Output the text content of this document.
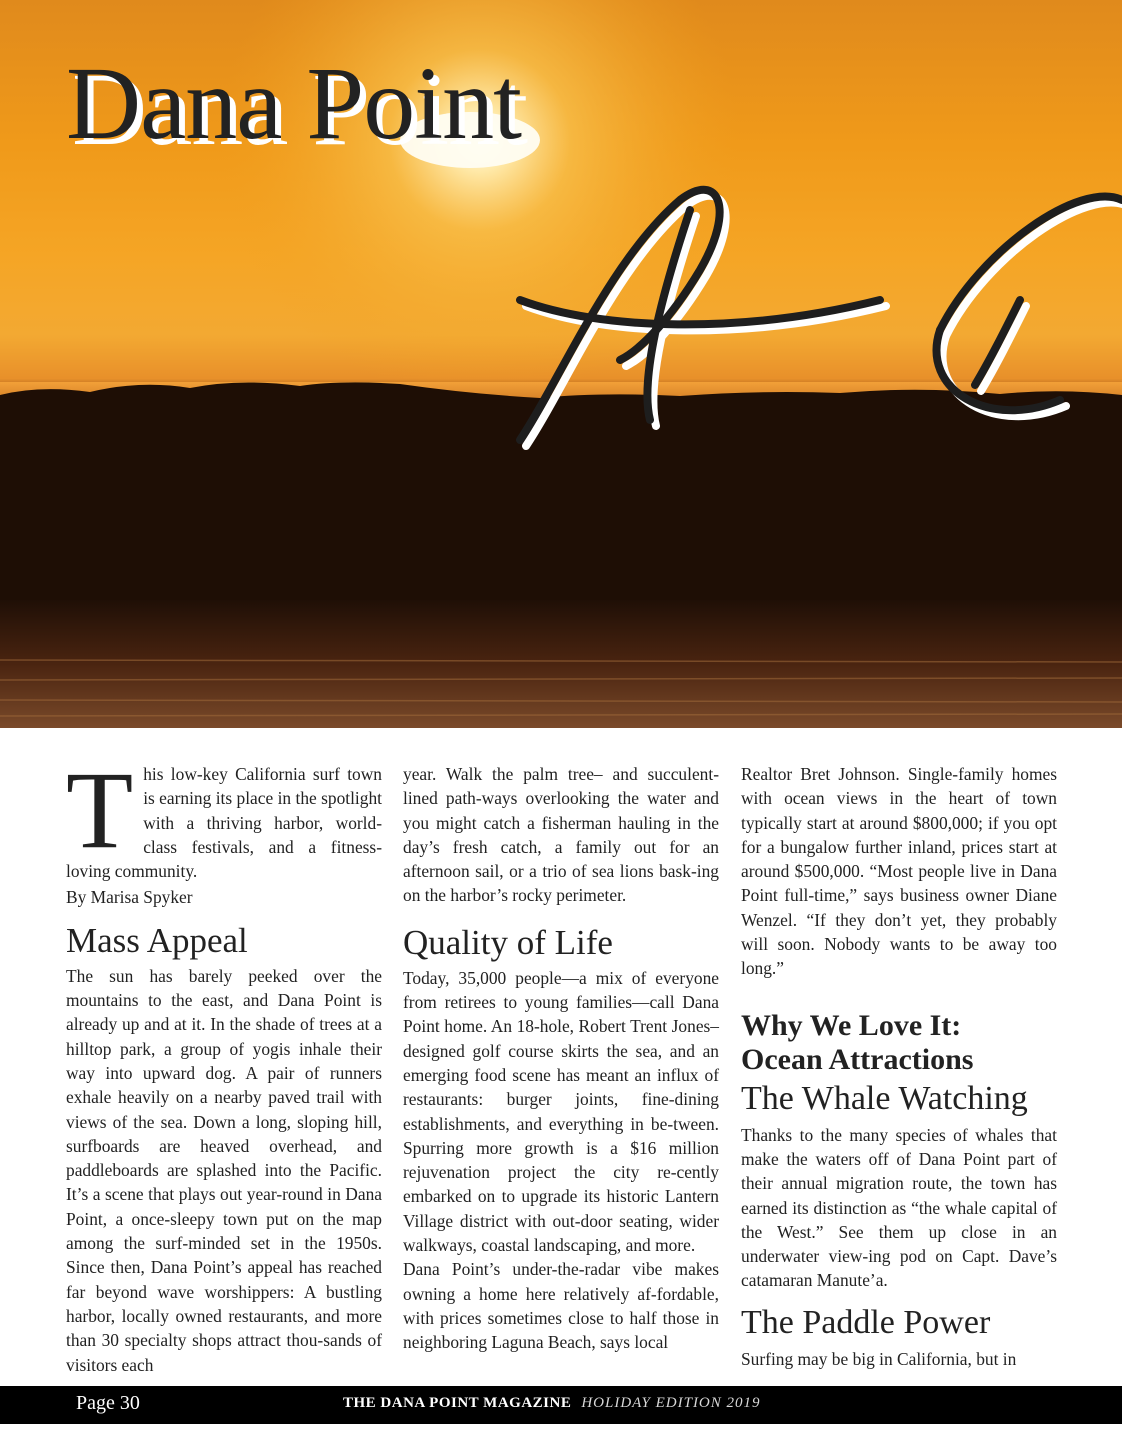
Dana Point

This low-key California surf town is earning its place in the spotlight with a thriving harbor, world-class festivals, and a fitness-loving community.

By Marisa Spyker
Mass Appeal

The sun has barely peeked over the mountains to the east, and Dana Point is already up and at it. In the shade of trees at a hilltop park, a group of yogis inhale their way into upward dog. A pair of runners exhale heavily on a nearby paved trail with views of the sea. Down a long, sloping hill, surfboards are heaved overhead, and paddleboards are splashed into the Pacific. It’s a scene that plays out year-round in Dana Point, a once-sleepy town put on the map among the surf-minded set in the 1950s. Since then, Dana Point’s appeal has reached far beyond wave worshippers: A bustling harbor, locally owned restaurants, and more than 30 specialty shops attract thou-sands of visitors each

year. Walk the palm tree– and succulent-lined path-ways overlooking the water and you might catch a fisherman hauling in the day’s fresh catch, a family out for an afternoon sail, or a trio of sea lions bask-ing on the harbor’s rocky perimeter.

Quality of Life

Today, 35,000 people—a mix of everyone from retirees to young families—call Dana Point home. An 18-hole, Robert Trent Jones–designed golf course skirts the sea, and an emerging food scene has meant an influx of restaurants: burger joints, fine-dining establishments, and everything in be-tween. Spurring more growth is a $16 million rejuvenation project the city re-cently embarked on to upgrade its historic Lantern Village district with out-door seating, wider walkways, coastal landscaping, and more.

Dana Point’s under-the-radar vibe makes owning a home here relatively af-fordable, with prices sometimes close to half those in neighboring Laguna Beach, says local

Realtor Bret Johnson. Single-family homes with ocean views in the heart of town typically start at around $800,000; if you opt for a bungalow further inland, prices start at around $500,000. “Most people live in Dana Point full-time,” says business owner Diane Wenzel. “If they don’t yet, they probably will soon. Nobody wants to be away too long.”

Why We Love It:
Ocean Attractions
The Whale Watching

Thanks to the many species of whales that make the waters off of Dana Point part of their annual migration route, the town has earned its distinction as “the whale capital of the West.” See them up close in an underwater view-ing pod on Capt. Dave’s catamaran Manute’a.

The Paddle Power

Surfing may be big in California, but in

Page 30	THE DANA POINT MAGAZINE HOLIDAY EDITION 2019
